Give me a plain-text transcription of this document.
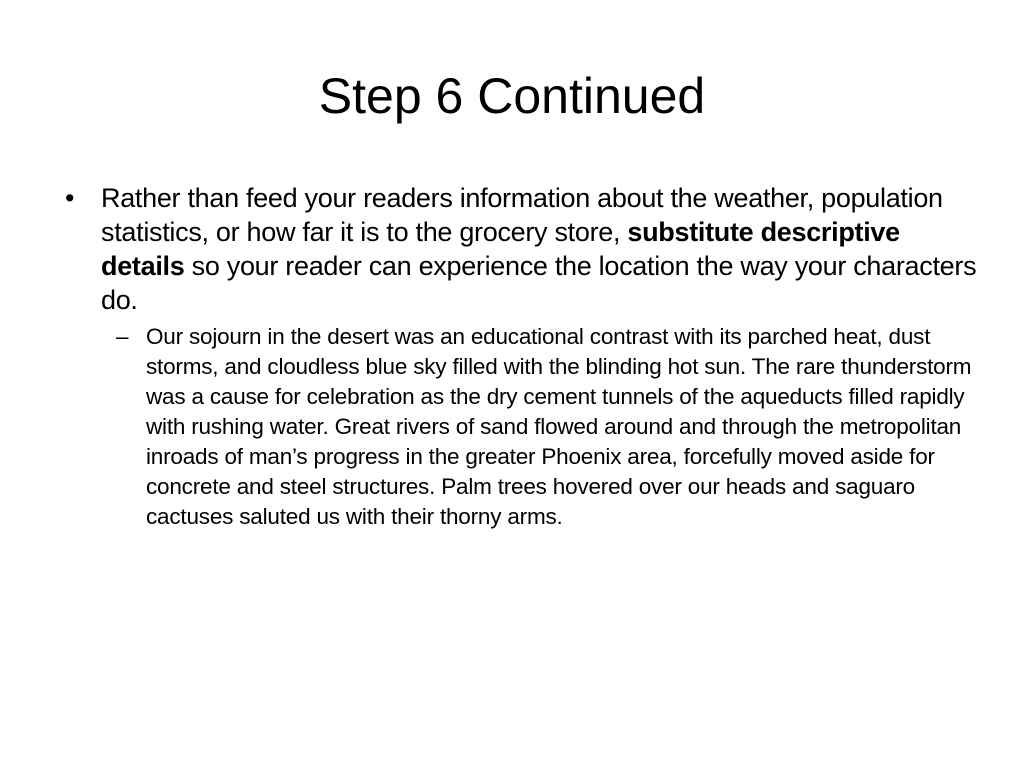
Step 6 Continued
• Rather than feed your readers information about the weather, population statistics, or how far it is to the grocery store, substitute descriptive details so your reader can experience the location the way your characters do.
– Our sojourn in the desert was an educational contrast with its parched heat, dust storms, and cloudless blue sky filled with the blinding hot sun. The rare thunderstorm was a cause for celebration as the dry cement tunnels of the aqueducts filled rapidly with rushing water. Great rivers of sand flowed around and through the metropolitan inroads of man’s progress in the greater Phoenix area, forcefully moved aside for concrete and steel structures. Palm trees hovered over our heads and saguaro cactuses saluted us with their thorny arms.
